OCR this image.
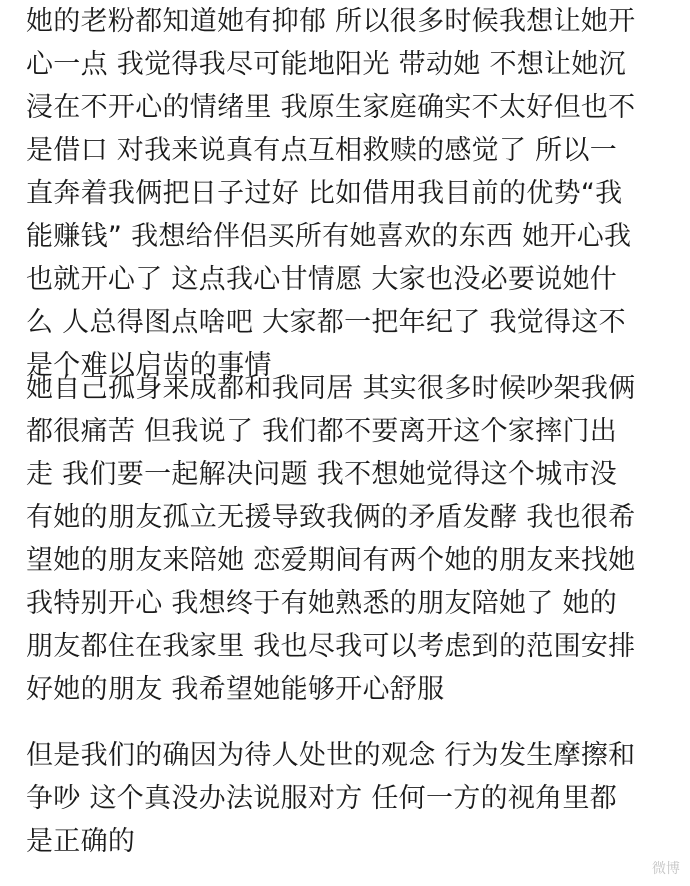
她的老粉都知道她有抑郁 所以很多时候我想让她开
心一点 我觉得我尽可能地阳光 带动她 不想让她沉
浸在不开心的情绪里 我原生家庭确实不太好但也不
是借口 对我来说真有点互相救赎的感觉了 所以一
直奔着我俩把日子过好 比如借用我目前的优势“我
能赚钱” 我想给伴侣买所有她喜欢的东西 她开心我
也就开心了 这点我心甘情愿 大家也没必要说她什
么 人总得图点啥吧 大家都一把年纪了 我觉得这不
是个难以启齿的事情
她自己孤身来成都和我同居 其实很多时候吵架我俩
都很痛苦 但我说了 我们都不要离开这个家摔门出
走 我们要一起解决问题 我不想她觉得这个城市没
有她的朋友孤立无援导致我俩的矛盾发酵 我也很希
望她的朋友来陪她 恋爱期间有两个她的朋友来找她
我特别开心 我想终于有她熟悉的朋友陪她了 她的
朋友都住在我家里 我也尽我可以考虑到的范围安排
好她的朋友 我希望她能够开心舒服
但是我们的确因为待人处世的观念 行为发生摩擦和
争吵 这个真没办法说服对方 任何一方的视角里都
是正确的
微博
